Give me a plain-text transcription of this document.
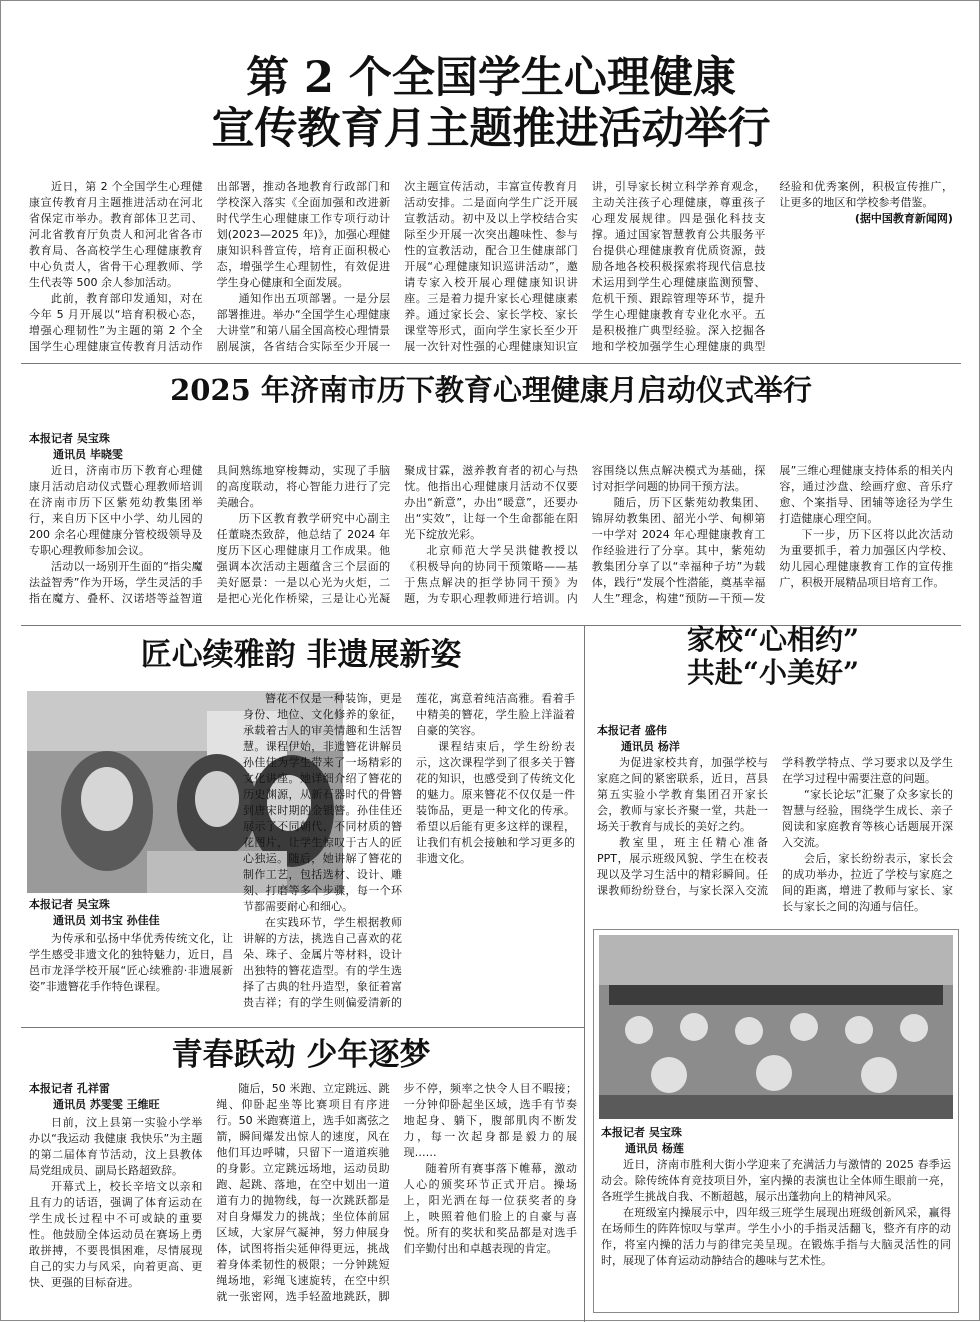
第 2 个全国学生心理健康
宣传教育月主题推进活动举行

近日，第 2 个全国学生心理健康宣传教育月主题推进活动在河北省保定市举办。教育部体卫艺司、河北省教育厅负责人和河北省各市教育局、各高校学生心理健康教育中心负责人，省骨干心理教师、学生代表等 500 余人参加活动。

此前，教育部印发通知，对在今年 5 月开展以“培育积极心态，增强心理韧性”为主题的第 2 个全国学生心理健康宣传教育月活动作出部署，推动各地教育行政部门和学校深入落实《全面加强和改进新时代学生心理健康工作专项行动计划(2023—2025 年)》，加强心理健康知识科普宣传，培育正面积极心态，增强学生心理韧性，有效促进学生身心健康和全面发展。

通知作出五项部署。一是分层部署推进。举办“全国学生心理健康大讲堂”和第八届全国高校心理情景剧展演，各省结合实际至少开展一次主题宣传活动，丰富宣传教育月活动安排。二是面向学生广泛开展宣教活动。初中及以上学校结合实际至少开展一次突出趣味性、参与性的宣教活动，配合卫生健康部门开展“心理健康知识巡讲活动”，邀请专家入校开展心理健康知识讲座。三是着力提升家长心理健康素养。通过家长会、家长学校、家长课堂等形式，面向学生家长至少开展一次针对性强的心理健康知识宣讲，引导家长树立科学养育观念，主动关注孩子心理健康，尊重孩子心理发展规律。四是强化科技支撑。通过国家智慧教育公共服务平台提供心理健康教育优质资源，鼓励各地各校积极探索将现代信息技术运用到学生心理健康监测预警、危机干预、跟踪管理等环节，提升学生心理健康教育专业化水平。五是积极推广典型经验。深入挖掘各地和学校加强学生心理健康的典型经验和优秀案例，积极宣传推广，让更多的地区和学校参考借鉴。

(据中国教育新闻网)

2025 年济南市历下教育心理健康月启动仪式举行
本报记者 吴宝珠
通讯员 毕晓雯

近日，济南市历下教育心理健康月活动启动仪式暨心理教师培训在济南市历下区紫苑幼教集团举行，来自历下区中小学、幼儿园的 200 余名心理健康分管校级领导及专职心理教师参加会议。

活动以一场别开生面的“指尖魔法益智秀”作为开场，学生灵活的手指在魔方、叠杯、汉诺塔等益智道具间熟练地穿梭舞动，实现了手脑的高度联动，将心智能力进行了完美融合。

历下区教育教学研究中心副主任董晓杰致辞，他总结了 2024 年度历下区心理健康月工作成果。他强调本次活动主题蕴含三个层面的美好愿景：一是以心光为火炬，二是把心光化作桥梁，三是让心光凝聚成甘霖，滋养教育者的初心与热忱。他指出心理健康月活动不仅要办出“新意”，办出“暖意”，还要办出“实效”，让每一个生命都能在阳光下绽放光彩。

北京师范大学吴洪健教授以《积极导向的协同干预策略——基于焦点解决的拒学协同干预》为题，为专职心理教师进行培训。内容围绕以焦点解决模式为基础，探讨对拒学问题的协同干预方法。

随后，历下区紫苑幼教集团、锦屏幼教集团、韶光小学、甸柳第一中学对 2024 年心理健康教育工作经验进行了分享。其中，紫苑幼教集团分享了以“幸福种子坊”为载体，践行“发展个性潜能，奠基幸福人生”理念，构建“预防—干预—发展”三维心理健康支持体系的相关内容，通过沙盘、绘画疗愈、音乐疗愈、个案指导、团辅等途径为学生打造健康心理空间。

下一步，历下区将以此次活动为重要抓手，着力加强区内学校、幼儿园心理健康教育工作的宣传推广，积极开展精品项目培育工作。

匠心续雅韵 非遗展新姿
本报记者 吴宝珠
通讯员 刘书宝 孙佳佳

为传承和弘扬中华优秀传统文化，让学生感受非遗文化的独特魅力，近日，昌邑市龙泽学校开展“匠心续雅韵·非遗展新姿”非遗簪花手作特色课程。

簪花不仅是一种装饰，更是身份、地位、文化修养的象征，承载着古人的审美情趣和生活智慧。课程伊始，非遗簪花讲解员孙佳佳为学生带来了一场精彩的文化讲座。她详细介绍了簪花的历史渊源，从新石器时代的骨簪到唐宋时期的金银簪。孙佳佳还展示了不同朝代、不同材质的簪花图片，让学生惊叹于古人的匠心独运。随后，她讲解了簪花的制作工艺，包括选材、设计、雕刻、打磨等多个步骤，每一个环节都需要耐心和细心。

在实践环节，学生根据教师讲解的方法，挑选自己喜欢的花朵、珠子、金属片等材料，设计出独特的簪花造型。有的学生选择了古典的牡丹造型，象征着富贵吉祥；有的学生则偏爱清新的莲花，寓意着纯洁高雅。看着手中精美的簪花，学生脸上洋溢着自豪的笑容。

课程结束后，学生纷纷表示，这次课程学到了很多关于簪花的知识，也感受到了传统文化的魅力。原来簪花不仅仅是一件装饰品，更是一种文化的传承。希望以后能有更多这样的课程，让我们有机会接触和学习更多的非遗文化。

家校“心相约”
共赴“小美好”
本报记者 盛伟
通讯员 杨洋

为促进家校共育，加强学校与家庭之间的紧密联系，近日，莒县第五实验小学教育集团召开家长会，教师与家长齐聚一堂，共赴一场关于教育与成长的美好之约。

教室里，班主任精心准备 PPT，展示班级风貌、学生在校表现以及学习生活中的精彩瞬间。任课教师纷纷登台，与家长深入交流学科教学特点、学习要求以及学生在学习过程中需要注意的问题。

“家长论坛”汇聚了众多家长的智慧与经验，围绕学生成长、亲子阅读和家庭教育等核心话题展开深入交流。

会后，家长纷纷表示，家长会的成功举办，拉近了学校与家庭之间的距离，增进了教师与家长、家长与家长之间的沟通与信任。

青春跃动 少年逐梦
本报记者 孔祥雷
通讯员 苏雯雯 王维旺

日前，汶上县第一实验小学举办以“我运动 我健康 我快乐”为主题的第二届体育节活动，汶上县教体局党组成员、副局长路超致辞。

开幕式上，校长辛培文以亲和且有力的话语，强调了体育运动在学生成长过程中不可或缺的重要性。他鼓励全体运动员在赛场上勇敢拼搏，不要畏惧困难，尽情展现自己的实力与风采，向着更高、更快、更强的目标奋进。

随后，50 米跑、立定跳远、跳绳、仰卧起坐等比赛项目有序进行。50 米跑赛道上，选手如离弦之箭，瞬间爆发出惊人的速度，风在他们耳边呼啸，只留下一道道疾驰的身影。立定跳远场地，运动员助跑、起跳、落地，在空中划出一道道有力的抛物线，每一次跳跃都是对自身爆发力的挑战；坐位体前屈区域，大家屏气凝神，努力伸展身体，试图将指尖延伸得更远，挑战着身体柔韧性的极限；一分钟跳短绳场地，彩绳飞速旋转，在空中织就一张密网，选手轻盈地跳跃，脚步不停，频率之快令人目不暇接；一分钟仰卧起坐区域，选手有节奏地起身、躺下，腹部肌肉不断发力，每一次起身都是毅力的展现……

随着所有赛事落下帷幕，激动人心的颁奖环节正式开启。操场上，阳光洒在每一位获奖者的身上，映照着他们脸上的自豪与喜悦。所有的奖状和奖品都是对选手们辛勤付出和卓越表现的肯定。

本报记者 吴宝珠
通讯员 杨莲

近日，济南市胜利大街小学迎来了充满活力与激情的 2025 春季运动会。除传统体育竞技项目外，室内操的表演也让全体师生眼前一亮，各班学生挑战自我、不断超越，展示出蓬勃向上的精神风采。

在班级室内操展示中，四年级三班学生展现出班级创新风采，赢得在场师生的阵阵惊叹与掌声。学生小小的手指灵活翻飞，整齐有序的动作，将室内操的活力与韵律完美呈现。在锻炼手指与大脑灵活性的同时，展现了体育运动动静结合的趣味与艺术性。
